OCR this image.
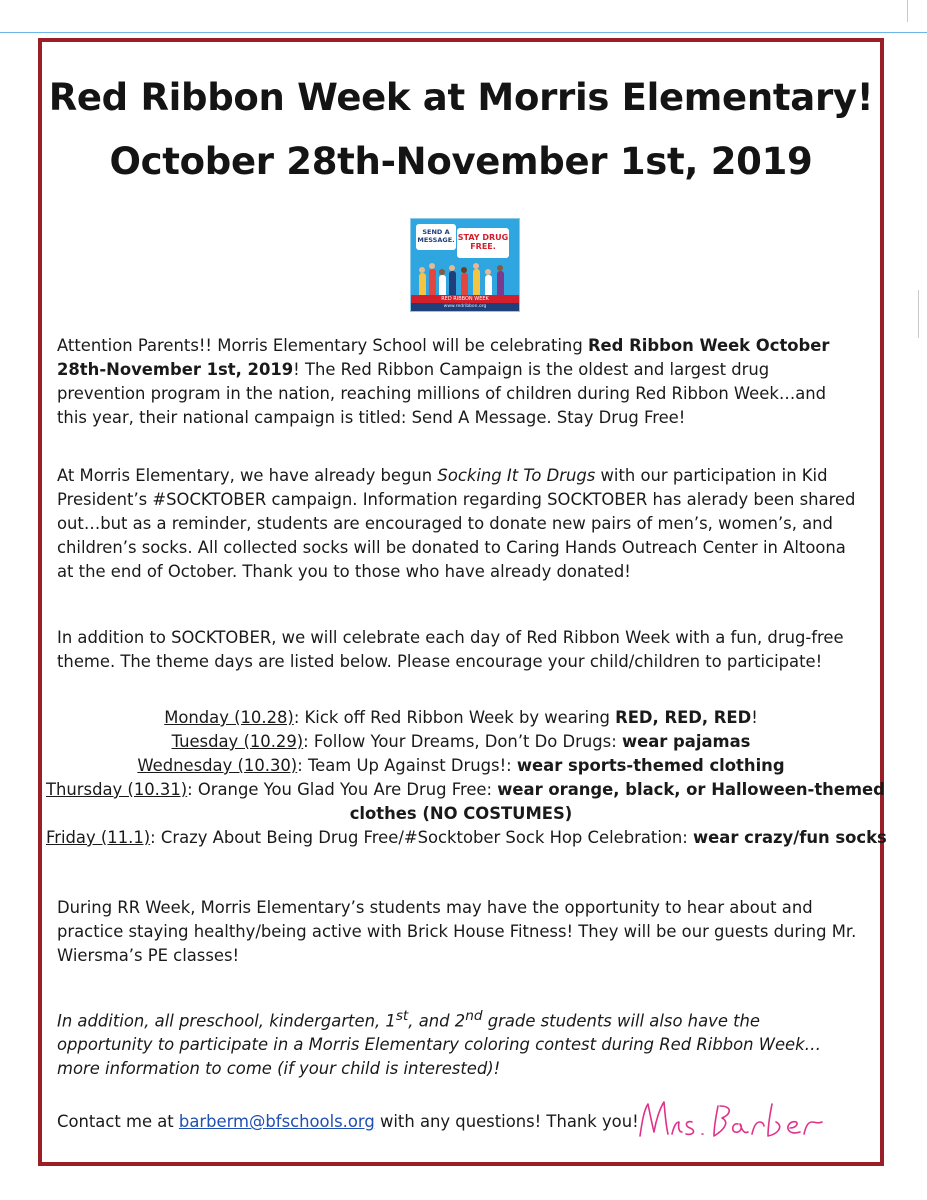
Red Ribbon Week at Morris Elementary!
October 28th-November 1st, 2019
SEND A
MESSAGE. STAY DRUG
FREE.
RED RIBBON WEEK
www.redribbon.org

Attention Parents!! Morris Elementary School will be celebrating Red Ribbon Week October 28th-November 1st, 2019! The Red Ribbon Campaign is the oldest and largest drug prevention program in the nation, reaching millions of children during Red Ribbon Week…and this year, their national campaign is titled: Send A Message. Stay Drug Free!

At Morris Elementary, we have already begun Socking It To Drugs with our participation in Kid President’s #SOCKTOBER campaign. Information regarding SOCKTOBER has alerady been shared out…but as a reminder, students are encouraged to donate new pairs of men’s, women’s, and children’s socks. All collected socks will be donated to Caring Hands Outreach Center in Altoona at the end of October. Thank you to those who have already donated!

In addition to SOCKTOBER, we will celebrate each day of Red Ribbon Week with a fun, drug-free theme. The theme days are listed below. Please encourage your child/children to participate!

Monday (10.28): Kick off Red Ribbon Week by wearing RED, RED, RED!
Tuesday (10.29): Follow Your Dreams, Don’t Do Drugs: wear pajamas
Wednesday (10.30): Team Up Against Drugs!: wear sports-themed clothing
Thursday (10.31): Orange You Glad You Are Drug Free: wear orange, black, or Halloween-themed
clothes (NO COSTUMES)
Friday (11.1): Crazy About Being Drug Free/#Socktober Sock Hop Celebration: wear crazy/fun socks

During RR Week, Morris Elementary’s students may have the opportunity to hear about and practice staying healthy/being active with Brick House Fitness! They will be our guests during Mr. Wiersma’s PE classes!

In addition, all preschool, kindergarten, 1st, and 2nd grade students will also have the opportunity to participate in a Morris Elementary coloring contest during Red Ribbon Week…more information to come (if your child is interested)!

Contact me at barberm@bfschools.org with any questions! Thank you!
